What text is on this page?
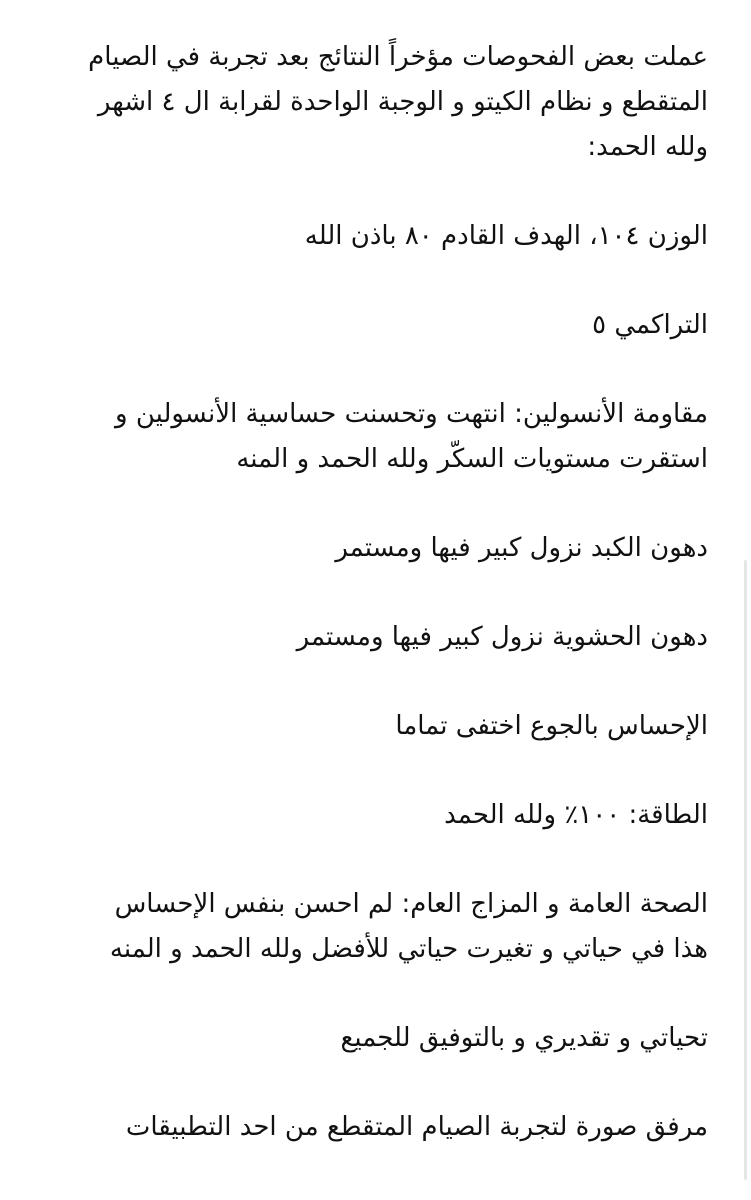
عملت بعض الفحوصات مؤخراً النتائج بعد تجربة في الصيام
المتقطع و نظام الكيتو و الوجبة الواحدة لقرابة ال ٤ اشهر
ولله الحمد:

الوزن ١٠٤، الهدف القادم ٨٠ باذن الله

التراكمي ٥

مقاومة الأنسولين: انتهت وتحسنت حساسية الأنسولين و
استقرت مستويات السكّر ولله الحمد و المنه

دهون الكبد نزول كبير فيها ومستمر

دهون الحشوية نزول كبير فيها ومستمر

الإحساس بالجوع اختفى تماما

الطاقة: ١٠٠٪ ولله الحمد

الصحة العامة و المزاج العام: لم احسن بنفس الإحساس
هذا في حياتي و تغيرت حياتي للأفضل ولله الحمد و المنه

تحياتي و تقديري و بالتوفيق للجميع

مرفق صورة لتجربة الصيام المتقطع من احد التطبيقات
